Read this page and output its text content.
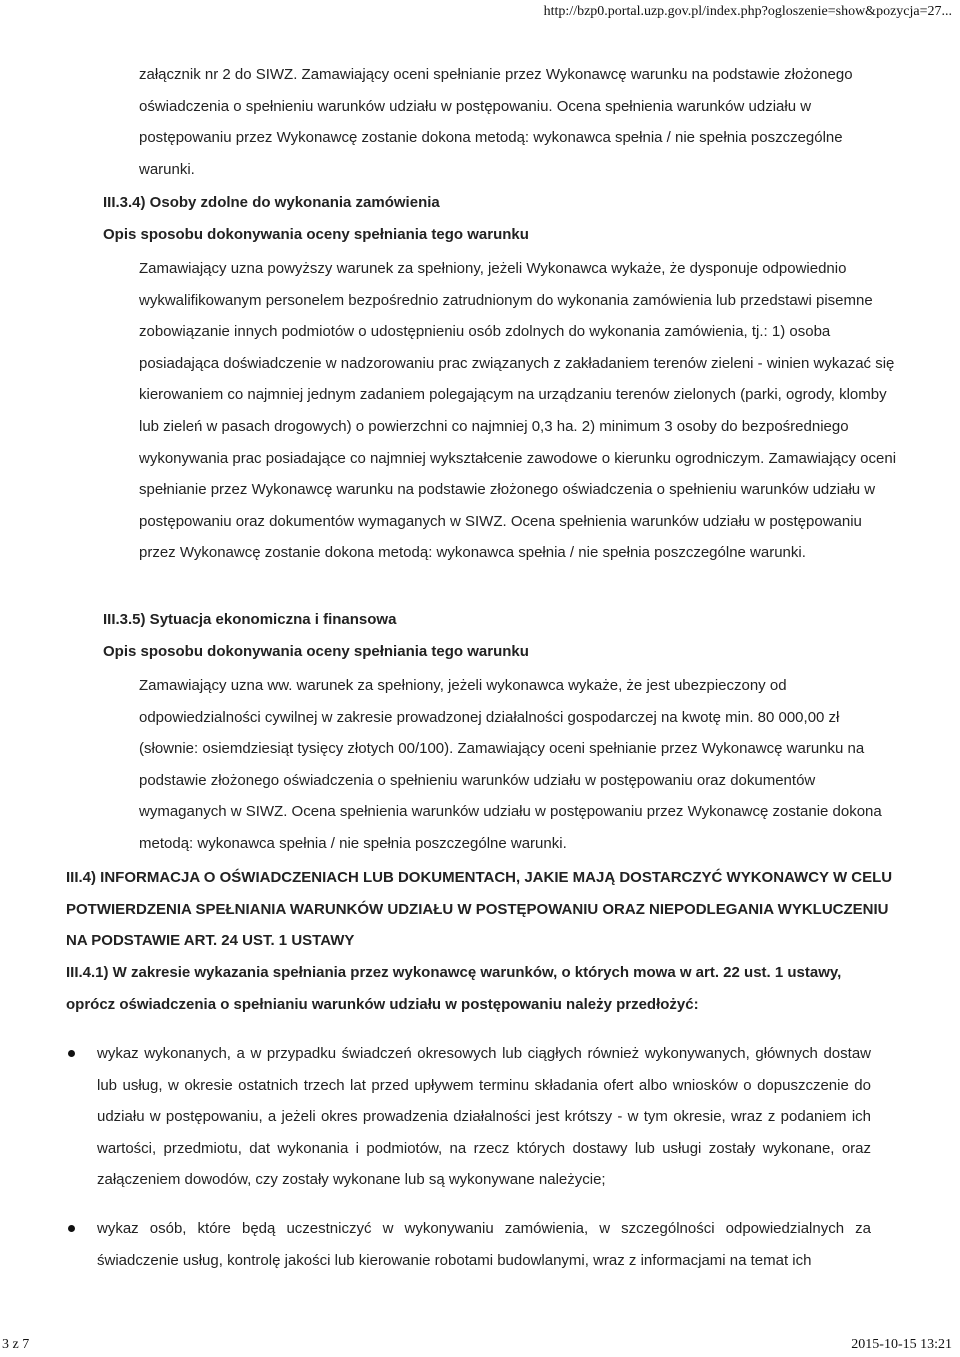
http://bzp0.portal.uzp.gov.pl/index.php?ogloszenie=show&pozycja=27...

załącznik nr 2 do SIWZ. Zamawiający oceni spełnianie przez Wykonawcę warunku na podstawie złożonego oświadczenia o spełnieniu warunków udziału w postępowaniu. Ocena spełnienia warunków udziału w postępowaniu przez Wykonawcę zostanie dokona metodą: wykonawca spełnia / nie spełnia poszczególne warunki.

III.3.4) Osoby zdolne do wykonania zamówienia
Opis sposobu dokonywania oceny spełniania tego warunku

Zamawiający uzna powyższy warunek za spełniony, jeżeli Wykonawca wykaże, że dysponuje odpowiednio wykwalifikowanym personelem bezpośrednio zatrudnionym do wykonania zamówienia lub przedstawi pisemne zobowiązanie innych podmiotów o udostępnieniu osób zdolnych do wykonania zamówienia, tj.: 1) osoba posiadająca doświadczenie w nadzorowaniu prac związanych z zakładaniem terenów zieleni - winien wykazać się kierowaniem co najmniej jednym zadaniem polegającym na urządzaniu terenów zielonych (parki, ogrody, klomby lub zieleń w pasach drogowych) o powierzchni co najmniej 0,3 ha. 2) minimum 3 osoby do bezpośredniego wykonywania prac posiadające co najmniej wykształcenie zawodowe o kierunku ogrodniczym. Zamawiający oceni spełnianie przez Wykonawcę warunku na podstawie złożonego oświadczenia o spełnieniu warunków udziału w postępowaniu oraz dokumentów wymaganych w SIWZ. Ocena spełnienia warunków udziału w postępowaniu przez Wykonawcę zostanie dokona metodą: wykonawca spełnia / nie spełnia poszczególne warunki.

III.3.5) Sytuacja ekonomiczna i finansowa
Opis sposobu dokonywania oceny spełniania tego warunku

Zamawiający uzna ww. warunek za spełniony, jeżeli wykonawca wykaże, że jest ubezpieczony od odpowiedzialności cywilnej w zakresie prowadzonej działalności gospodarczej na kwotę min. 80 000,00 zł (słownie: osiemdziesiąt tysięcy złotych 00/100). Zamawiający oceni spełnianie przez Wykonawcę warunku na podstawie złożonego oświadczenia o spełnieniu warunków udziału w postępowaniu oraz dokumentów wymaganych w SIWZ. Ocena spełnienia warunków udziału w postępowaniu przez Wykonawcę zostanie dokona metodą: wykonawca spełnia / nie spełnia poszczególne warunki.

III.4) INFORMACJA O OŚWIADCZENIACH LUB DOKUMENTACH, JAKIE MAJĄ DOSTARCZYĆ WYKONAWCY W CELU POTWIERDZENIA SPEŁNIANIA WARUNKÓW UDZIAŁU W POSTĘPOWANIU ORAZ NIEPODLEGANIA WYKLUCZENIU NA PODSTAWIE ART. 24 UST. 1 USTAWY
III.4.1) W zakresie wykazania spełniania przez wykonawcę warunków, o których mowa w art. 22 ust. 1 ustawy, oprócz oświadczenia o spełnianiu warunków udziału w postępowaniu należy przedłożyć:
wykaz wykonanych, a w przypadku świadczeń okresowych lub ciągłych również wykonywanych, głównych dostaw lub usług, w okresie ostatnich trzech lat przed upływem terminu składania ofert albo wniosków o dopuszczenie do udziału w postępowaniu, a jeżeli okres prowadzenia działalności jest krótszy - w tym okresie, wraz z podaniem ich wartości, przedmiotu, dat wykonania i podmiotów, na rzecz których dostawy lub usługi zostały wykonane, oraz załączeniem dowodów, czy zostały wykonane lub są wykonywane należycie;
wykaz osób, które będą uczestniczyć w wykonywaniu zamówienia, w szczególności odpowiedzialnych za świadczenie usług, kontrolę jakości lub kierowanie robotami budowlanymi, wraz z informacjami na temat ich
3 z 7	2015-10-15 13:21
